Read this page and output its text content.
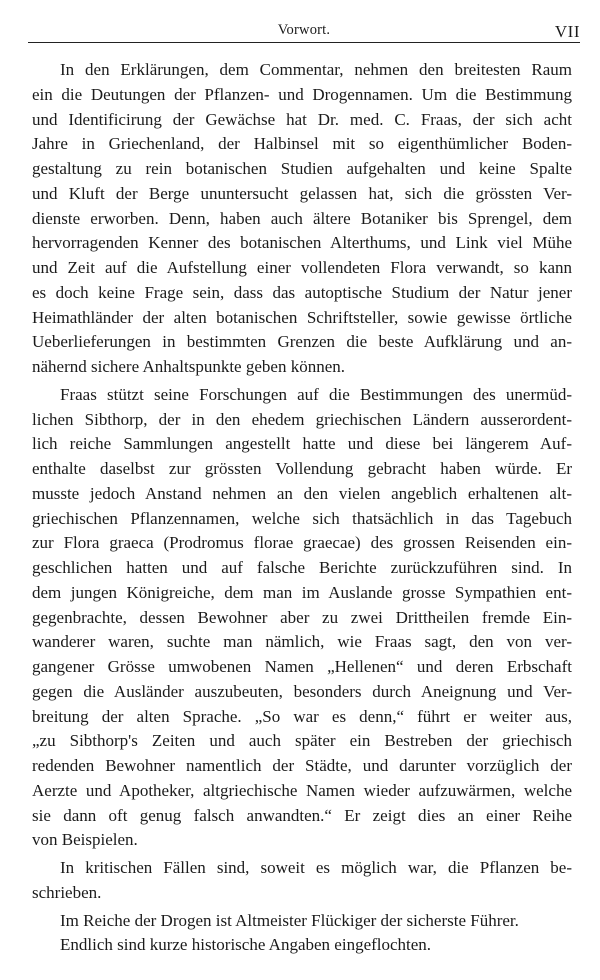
Vorwort.	VII
In den Erklärungen, dem Commentar, nehmen den breitesten Raum
ein die Deutungen der Pflanzen- und Drogennamen. Um die Bestimmung
und Identificirung der Gewächse hat Dr. med. C. Fraas, der sich acht
Jahre in Griechenland, der Halbinsel mit so eigenthümlicher Boden-
gestaltung zu rein botanischen Studien aufgehalten und keine Spalte
und Kluft der Berge ununtersucht gelassen hat, sich die grössten Ver-
dienste erworben. Denn, haben auch ältere Botaniker bis Sprengel, dem
hervorragenden Kenner des botanischen Alterthums, und Link viel Mühe
und Zeit auf die Aufstellung einer vollendeten Flora verwandt, so kann
es doch keine Frage sein, dass das autoptische Studium der Natur jener
Heimathländer der alten botanischen Schriftsteller, sowie gewisse örtliche
Ueberlieferungen in bestimmten Grenzen die beste Aufklärung und an-
nähernd sichere Anhaltspunkte geben können.
Fraas stützt seine Forschungen auf die Bestimmungen des unermüd-
lichen Sibthorp, der in den ehedem griechischen Ländern ausserordent-
lich reiche Sammlungen angestellt hatte und diese bei längerem Auf-
enthalte daselbst zur grössten Vollendung gebracht haben würde. Er
musste jedoch Anstand nehmen an den vielen angeblich erhaltenen alt-
griechischen Pflanzennamen, welche sich thatsächlich in das Tagebuch
zur Flora graeca (Prodromus florae graecae) des grossen Reisenden ein-
geschlichen hatten und auf falsche Berichte zurückzuführen sind. In
dem jungen Königreiche, dem man im Auslande grosse Sympathien ent-
gegenbrachte, dessen Bewohner aber zu zwei Drittheilen fremde Ein-
wanderer waren, suchte man nämlich, wie Fraas sagt, den von ver-
gangener Grösse umwobenen Namen „Hellenen“ und deren Erbschaft
gegen die Ausländer auszubeuten, besonders durch Aneignung und Ver-
breitung der alten Sprache. „So war es denn,“ führt er weiter aus,
„zu Sibthorp's Zeiten und auch später ein Bestreben der griechisch
redenden Bewohner namentlich der Städte, und darunter vorzüglich der
Aerzte und Apotheker, altgriechische Namen wieder aufzuwärmen, welche
sie dann oft genug falsch anwandten.“ Er zeigt dies an einer Reihe
von Beispielen.
In kritischen Fällen sind, soweit es möglich war, die Pflanzen be-
schrieben.
Im Reiche der Drogen ist Altmeister Flückiger der sicherste Führer.
Endlich sind kurze historische Angaben eingeflochten.
